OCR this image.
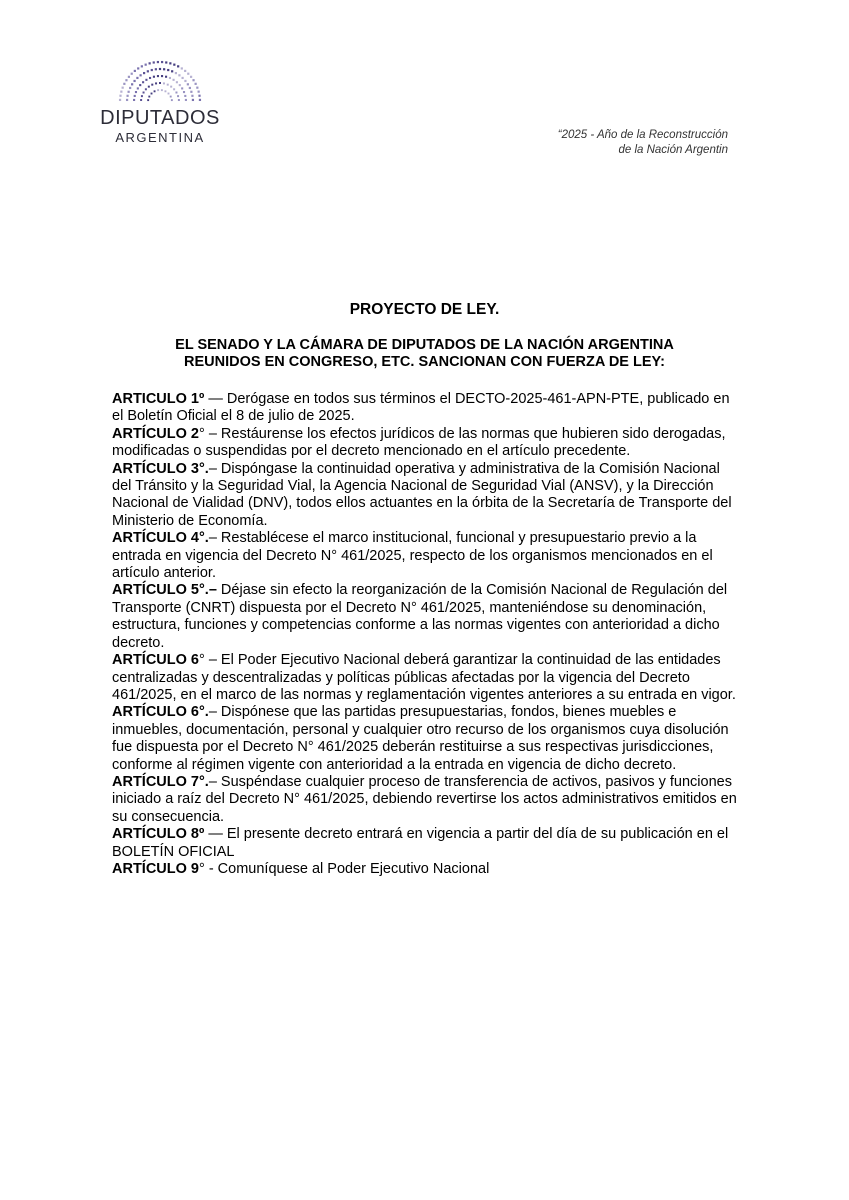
DIPUTADOS
ARGENTINA	“2025 - Año de la Reconstrucción
de la Nación Argentin
PROYECTO DE LEY.
EL SENADO Y LA CÁMARA DE DIPUTADOS DE LA NACIÓN ARGENTINA
REUNIDOS EN CONGRESO, ETC. SANCIONAN CON FUERZA DE LEY:

ARTICULO 1º — Derógase en todos sus términos el DECTO-2025-461-APN-PTE, publicado en el Boletín Oficial el 8 de julio de 2025.

ARTÍCULO 2° – Restáurense los efectos jurídicos de las normas que hubieren sido derogadas, modificadas o suspendidas por el decreto mencionado en el artículo precedente.

ARTÍCULO 3°.– Dispóngase la continuidad operativa y administrativa de la Comisión Nacional del Tránsito y la Seguridad Vial, la Agencia Nacional de Seguridad Vial (ANSV), y la Dirección Nacional de Vialidad (DNV), todos ellos actuantes en la órbita de la Secretaría de Transporte del Ministerio de Economía.

ARTÍCULO 4°.– Restablécese el marco institucional, funcional y presupuestario previo a la entrada en vigencia del Decreto N° 461/2025, respecto de los organismos mencionados en el artículo anterior.

ARTÍCULO 5°.– Déjase sin efecto la reorganización de la Comisión Nacional de Regulación del Transporte (CNRT) dispuesta por el Decreto N° 461/2025, manteniéndose su denominación, estructura, funciones y competencias conforme a las normas vigentes con anterioridad a dicho decreto.

ARTÍCULO 6° – El Poder Ejecutivo Nacional deberá garantizar la continuidad de las entidades centralizadas y descentralizadas y políticas públicas afectadas por la vigencia del Decreto 461/2025, en el marco de las normas y reglamentación vigentes anteriores a su entrada en vigor.

ARTÍCULO 6°.– Dispónese que las partidas presupuestarias, fondos, bienes muebles e inmuebles, documentación, personal y cualquier otro recurso de los organismos cuya disolución fue dispuesta por el Decreto N° 461/2025 deberán restituirse a sus respectivas jurisdicciones, conforme al régimen vigente con anterioridad a la entrada en vigencia de dicho decreto.

ARTÍCULO 7°.– Suspéndase cualquier proceso de transferencia de activos, pasivos y funciones iniciado a raíz del Decreto N° 461/2025, debiendo revertirse los actos administrativos emitidos en su consecuencia.

ARTÍCULO 8º — El presente decreto entrará en vigencia a partir del día de su publicación en el BOLETÍN OFICIAL

ARTÍCULO 9° - Comuníquese al Poder Ejecutivo Nacional
